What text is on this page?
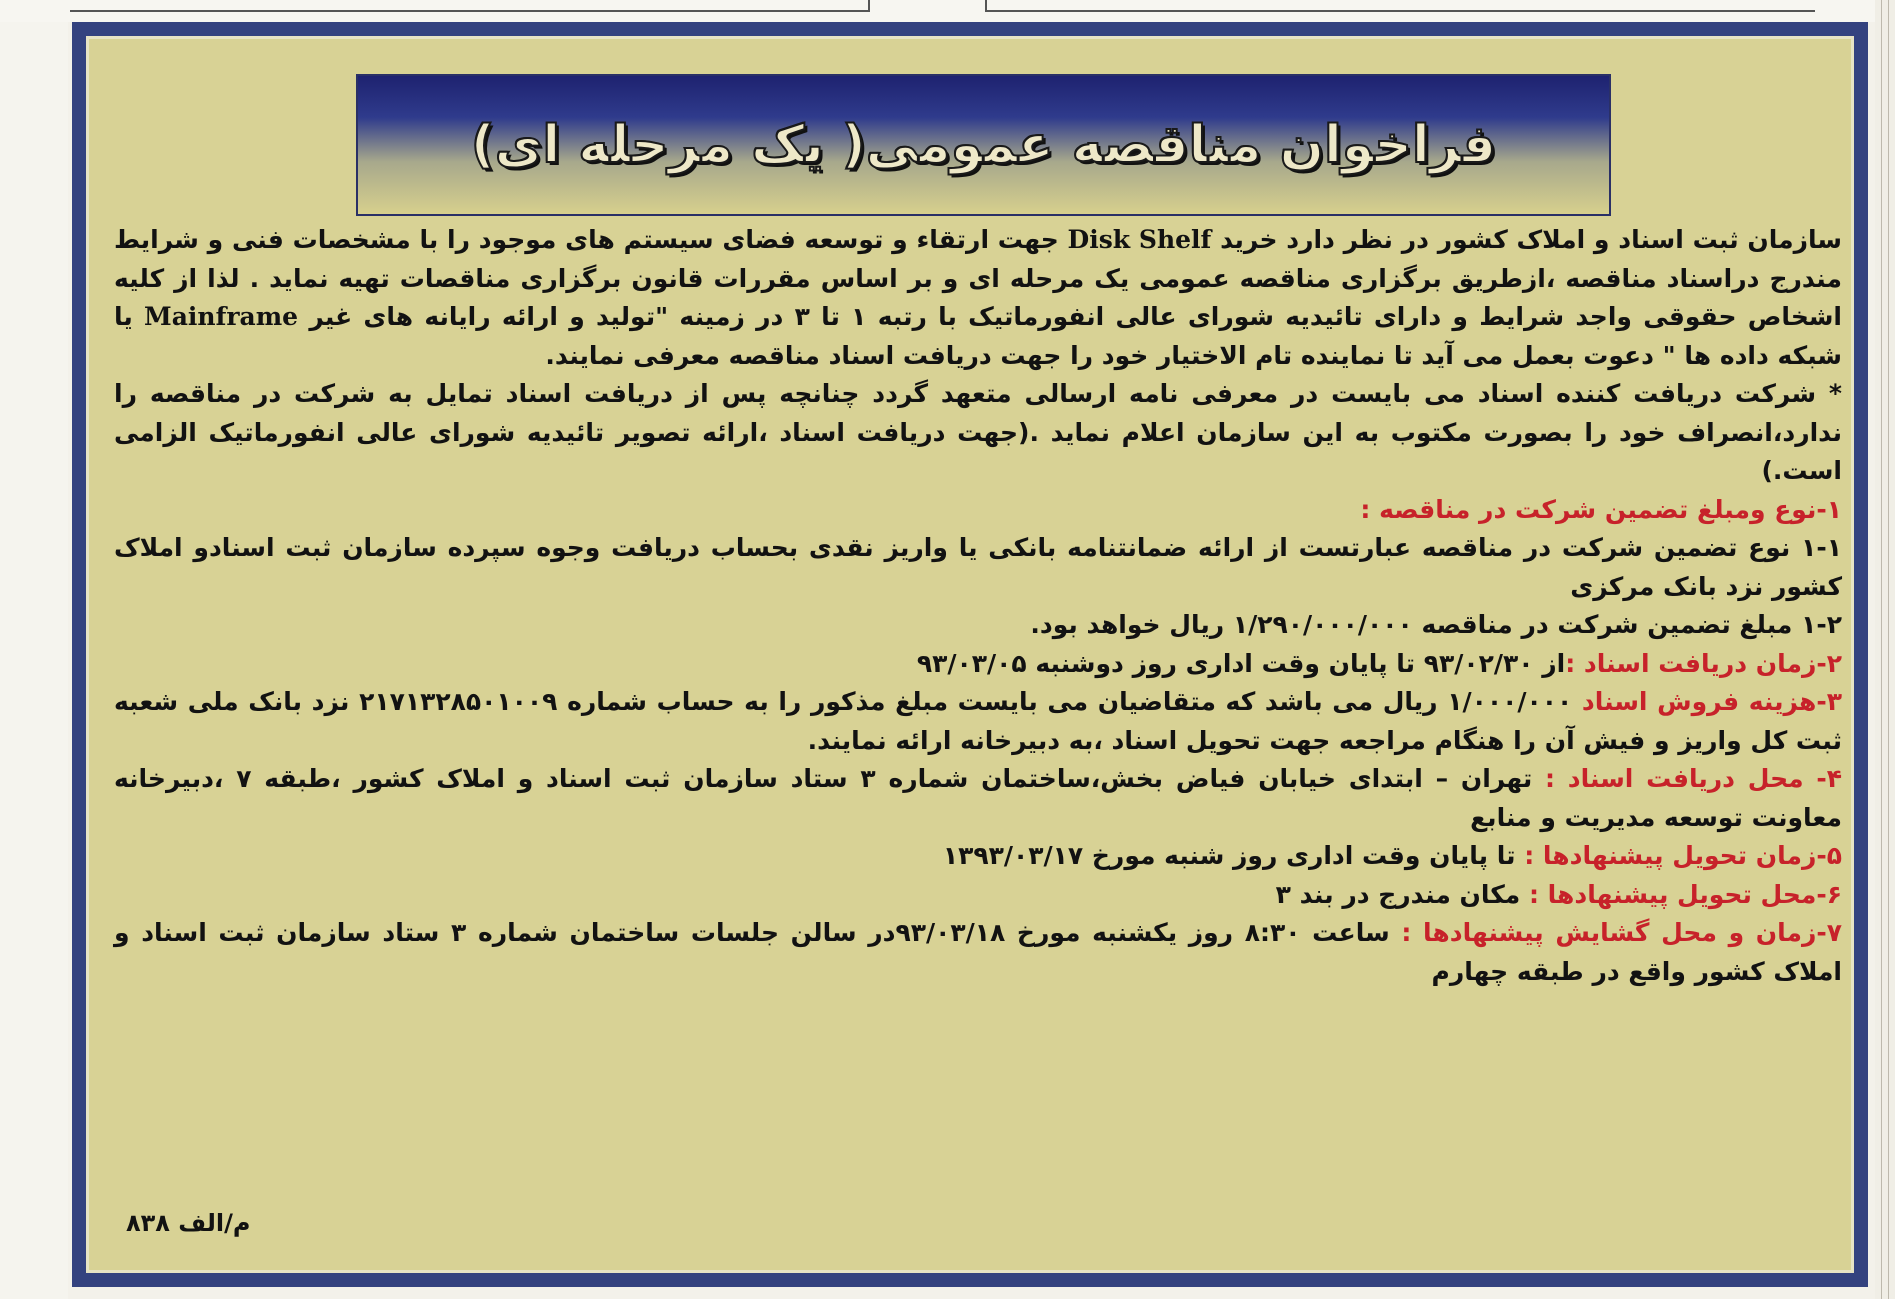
فراخوان مناقصه عمومی( یک مرحله ای)

سازمان ثبت اسناد و املاک کشور در نظر دارد خرید Disk Shelf جهت ارتقاء و توسعه فضای سیستم های موجود را با مشخصات فنی و شرایط مندرج دراسناد مناقصه ،ازطریق برگزاری مناقصه عمومی یک مرحله ای و بر اساس مقررات قانون برگزاری مناقصات تهیه نماید . لذا از کلیه اشخاص حقوقی واجد شرایط و دارای تائیدیه شورای عالی انفورماتیک با رتبه ۱ تا ۳ در زمینه "تولید و ارائه رایانه های غیر Mainframe یا شبکه داده ها " دعوت بعمل می آید تا نماینده تام الاختیار خود را جهت دریافت اسناد مناقصه معرفی نمایند.

* شرکت دریافت کننده اسناد می بایست در معرفی نامه ارسالی متعهد گردد چنانچه پس از دریافت اسناد تمایل به شرکت در مناقصه را ندارد،انصراف خود را بصورت مکتوب به این سازمان اعلام نماید .(جهت دریافت اسناد ،ارائه تصویر تائیدیه شورای عالی انفورماتیک الزامی است.)

۱-نوع ومبلغ تضمین شرکت در مناقصه :

۱-۱ نوع تضمین شرکت در مناقصه عبارتست از ارائه ضمانتنامه بانکی یا واریز نقدی بحساب دریافت وجوه سپرده سازمان ثبت اسنادو املاک کشور نزد بانک مرکزی

۱-۲ مبلغ تضمین شرکت در مناقصه ۱/۲۹۰/۰۰۰/۰۰۰ ریال خواهد بود.

۲-زمان دریافت اسناد :از ۹۳/۰۲/۳۰ تا پایان وقت اداری روز دوشنبه ۹۳/۰۳/۰۵

۳-هزینه فروش اسناد ۱/۰۰۰/۰۰۰ ریال می باشد که متقاضیان می بایست مبلغ مذکور را به حساب شماره ۲۱۷۱۳۲۸۵۰۱۰۰۹ نزد بانک ملی شعبه ثبت کل واریز و فیش آن را هنگام مراجعه جهت تحویل اسناد ،به دبیرخانه ارائه نمایند.

۴- محل دریافت اسناد : تهران – ابتدای خیابان فیاض بخش،ساختمان شماره ۳ ستاد سازمان ثبت اسناد و املاک کشور ،طبقه ۷ ،دبیرخانه معاونت توسعه مدیریت و منابع

۵-زمان تحویل پیشنهادها : تا پایان وقت اداری روز شنبه مورخ ۱۳۹۳/۰۳/۱۷

۶-محل تحویل پیشنهادها : مکان مندرج در بند ۳

۷-زمان و محل گشایش پیشنهادها : ساعت ۸:۳۰ روز یکشنبه مورخ ۹۳/۰۳/۱۸در سالن جلسات ساختمان شماره ۳ ستاد سازمان ثبت اسناد و املاک کشور واقع در طبقه چهارم

م/الف ۸۳۸
